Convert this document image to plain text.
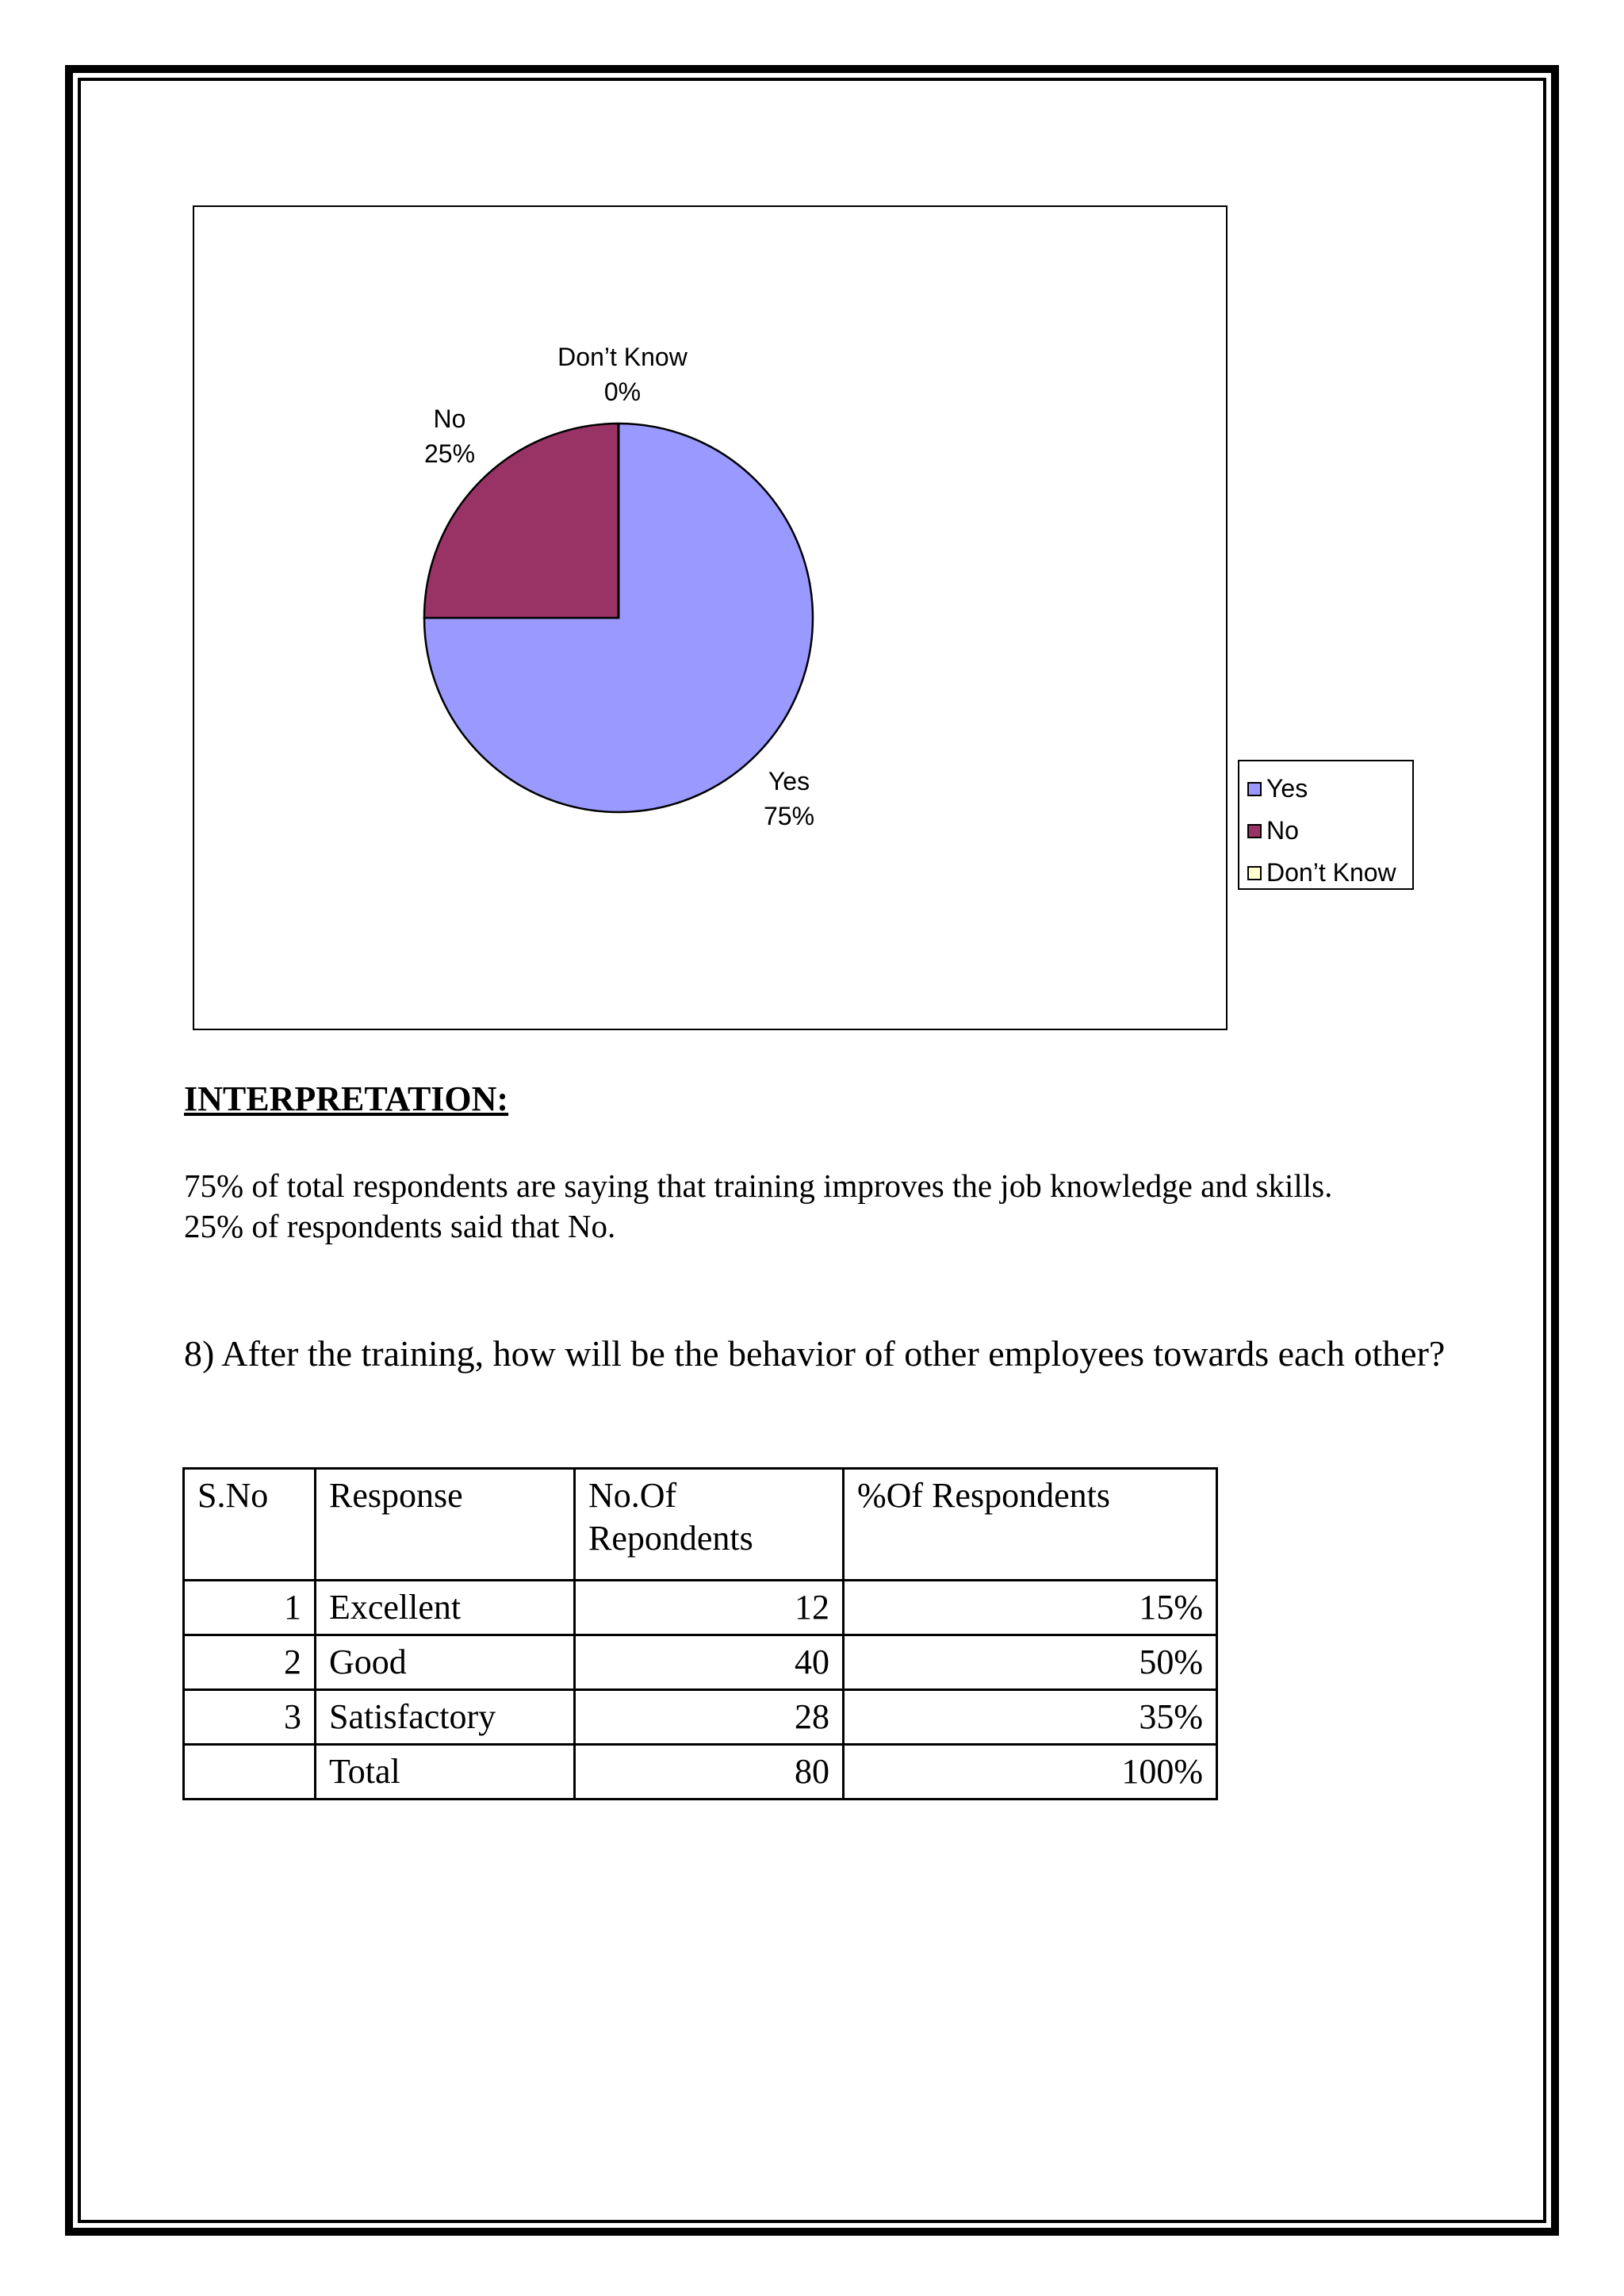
Don’t Know
0%
No
25%
Yes
75%
Yes
No
Don’t Know
INTERPRETATION:

75% of total respondents are saying that training improves the job knowledge and skills.
25% of respondents said that No.

8) After the training, how will be the behavior of other employees towards each other?

S.No	Response	No.Of Repondents	%Of Respondents
1	Excellent	12	15%
2	Good	40	50%
3	Satisfactory	28	35%
	Total	80	100%
